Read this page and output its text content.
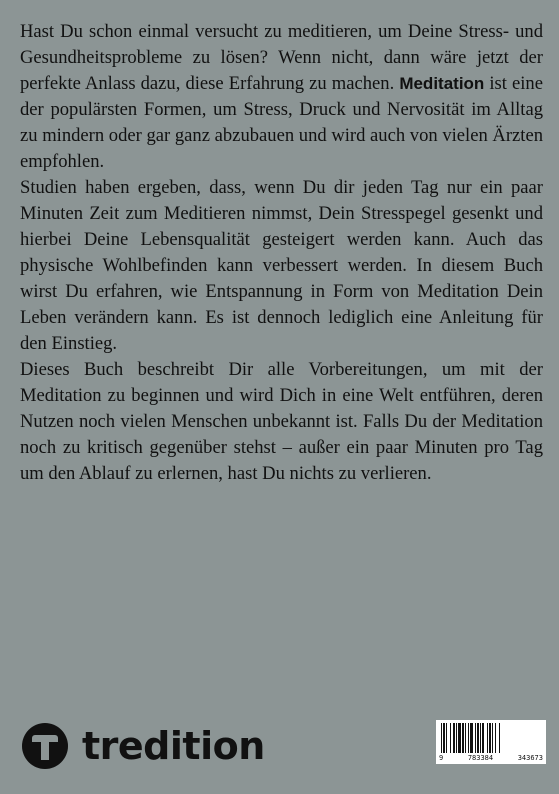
Hast Du schon einmal versucht zu meditieren, um Deine Stress- und Gesundheitsprobleme zu lösen? Wenn nicht, dann wäre jetzt der perfekte Anlass dazu, diese Erfahrung zu machen. Meditation ist eine der populärsten Formen, um Stress, Druck und Nervosität im Alltag zu mindern oder gar ganz abzubauen und wird auch von vielen Ärzten empfohlen.

Studien haben ergeben, dass, wenn Du dir jeden Tag nur ein paar Minuten Zeit zum Meditieren nimmst, Dein Stresspegel gesenkt und hierbei Deine Lebensqualität gesteigert werden kann. Auch das physische Wohlbefinden kann verbessert werden. In diesem Buch wirst Du erfahren, wie Entspannung in Form von Meditation Dein Leben verändern kann. Es ist dennoch lediglich eine Anleitung für den Einstieg.

Dieses Buch beschreibt Dir alle Vorbereitungen, um mit der Meditation zu beginnen und wird Dich in eine Welt entführen, deren Nutzen noch vielen Menschen unbekannt ist. Falls Du der Meditation noch zu kritisch gegenüber stehst – außer ein paar Minuten pro Tag um den Ablauf zu erlernen, hast Du nichts zu verlieren.

tredition	9	783384	343673
